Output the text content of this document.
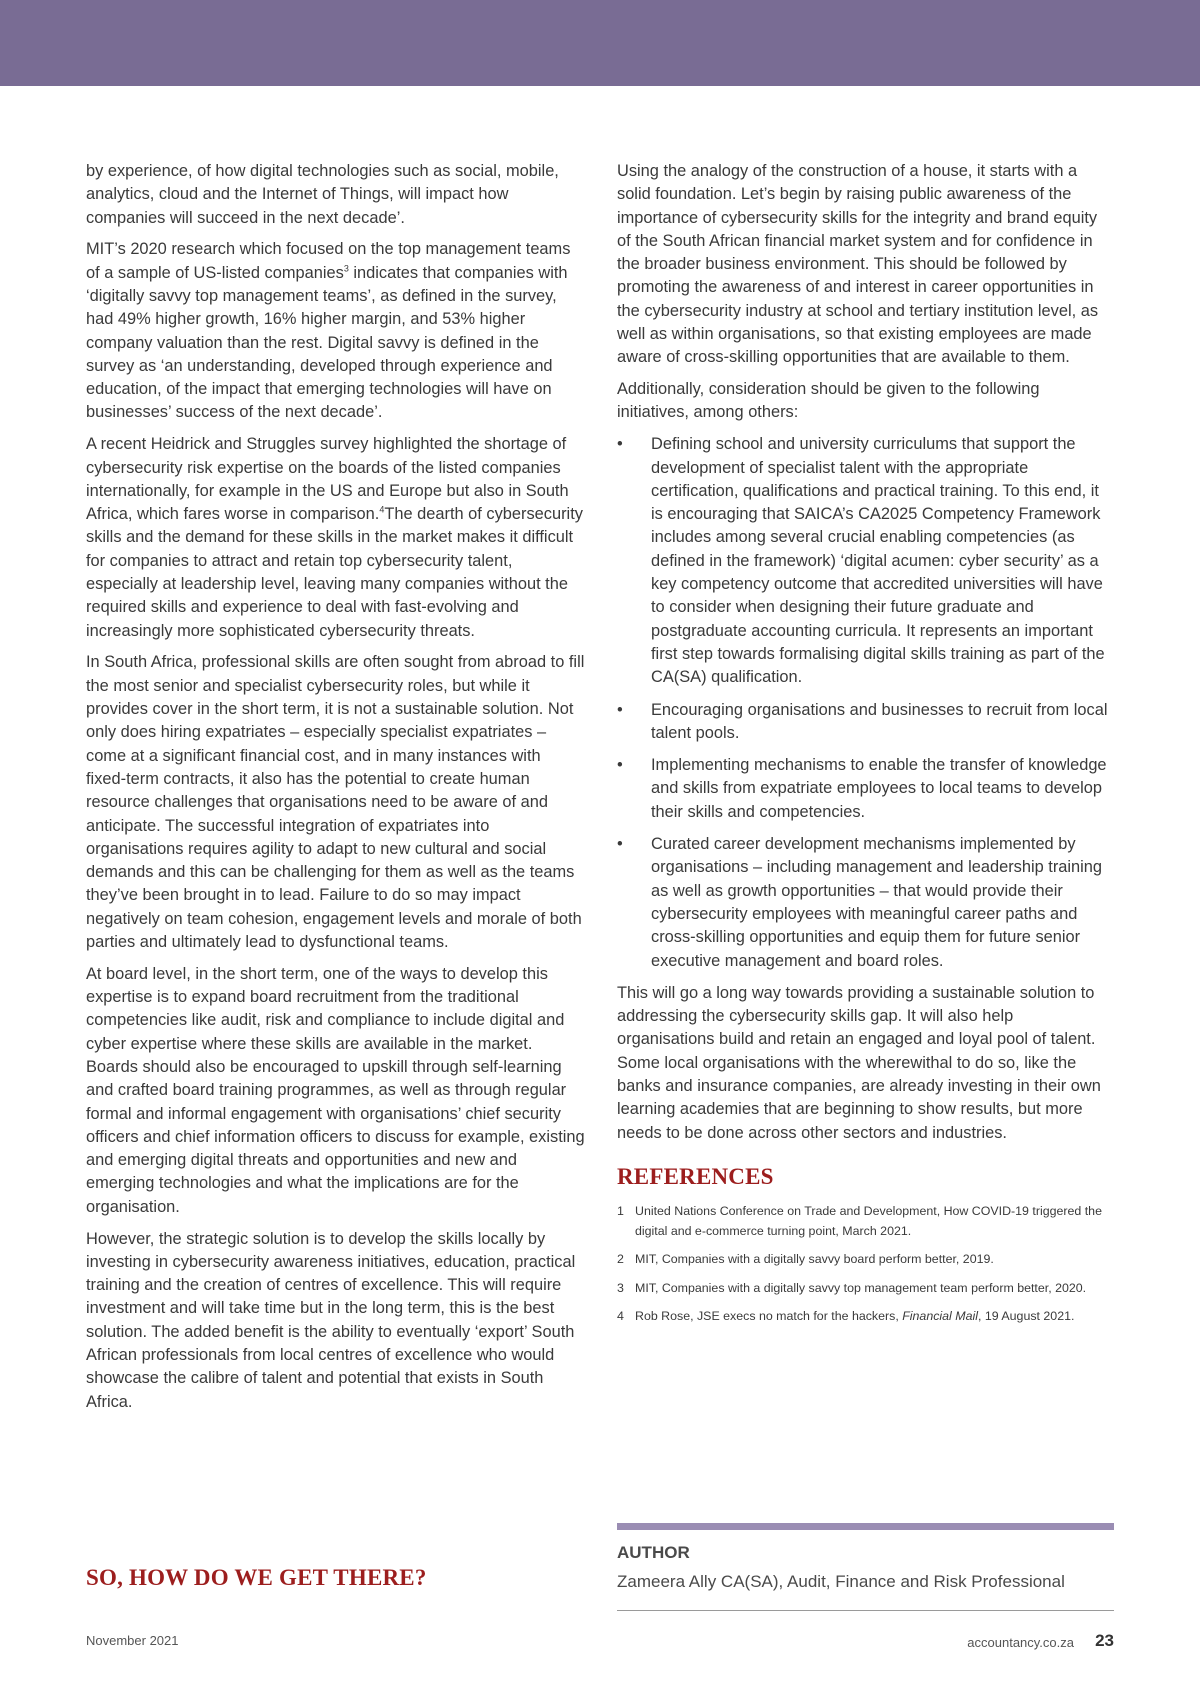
by experience, of how digital technologies such as social, mobile, analytics, cloud and the Internet of Things, will impact how companies will succeed in the next decade’.

MIT’s 2020 research which focused on the top management teams of a sample of US-listed companies$^3$ indicates that companies with ‘digitally savvy top management teams’, as defined in the survey, had 49% higher growth, 16% higher margin, and 53% higher company valuation than the rest. Digital savvy is defined in the survey as ‘an understanding, developed through experience and education, of the impact that emerging technologies will have on businesses’ success of the next decade’.

A recent Heidrick and Struggles survey highlighted the shortage of cybersecurity risk expertise on the boards of the listed companies internationally, for example in the US and Europe but also in South Africa, which fares worse in comparison.$^4$The dearth of cybersecurity skills and the demand for these skills in the market makes it difficult for companies to attract and retain top cybersecurity talent, especially at leadership level, leaving many companies without the required skills and experience to deal with fast-evolving and increasingly more sophisticated cybersecurity threats.

In South Africa, professional skills are often sought from abroad to fill the most senior and specialist cybersecurity roles, but while it provides cover in the short term, it is not a sustainable solution. Not only does hiring expatriates – especially specialist expatriates – come at a significant financial cost, and in many instances with fixed-term contracts, it also has the potential to create human resource challenges that organisations need to be aware of and anticipate. The successful integration of expatriates into organisations requires agility to adapt to new cultural and social demands and this can be challenging for them as well as the teams they’ve been brought in to lead. Failure to do so may impact negatively on team cohesion, engagement levels and morale of both parties and ultimately lead to dysfunctional teams.

At board level, in the short term, one of the ways to develop this expertise is to expand board recruitment from the traditional competencies like audit, risk and compliance to include digital and cyber expertise where these skills are available in the market. Boards should also be encouraged to upskill through self-learning and crafted board training programmes, as well as through regular formal and informal engagement with organisations’ chief security officers and chief information officers to discuss for example, existing and emerging digital threats and opportunities and new and emerging technologies and what the implications are for the organisation.

However, the strategic solution is to develop the skills locally by investing in cybersecurity awareness initiatives, education, practical training and the creation of centres of excellence. This will require investment and will take time but in the long term, this is the best solution. The added benefit is the ability to eventually ‘export’ South African professionals from local centres of excellence who would showcase the calibre of talent and potential that exists in South Africa.

SO, HOW DO WE GET THERE?

Using the analogy of the construction of a house, it starts with a solid foundation. Let’s begin by raising public awareness of the importance of cybersecurity skills for the integrity and brand equity of the South African financial market system and for confidence in the broader business environment. This should be followed by promoting the awareness of and interest in career opportunities in the cybersecurity industry at school and tertiary institution level, as well as within organisations, so that existing employees are made aware of cross-skilling opportunities that are available to them.

Additionally, consideration should be given to the following initiatives, among others:

• Defining school and university curriculums that support the development of specialist talent with the appropriate certification, qualifications and practical training. To this end, it is encouraging that SAICA’s CA2025 Competency Framework includes among several crucial enabling competencies (as defined in the framework) ‘digital acumen: cyber security’ as a key competency outcome that accredited universities will have to consider when designing their future graduate and postgraduate accounting curricula. It represents an important first step towards formalising digital skills training as part of the CA(SA) qualification.
• Encouraging organisations and businesses to recruit from local talent pools.
• Implementing mechanisms to enable the transfer of knowledge and skills from expatriate employees to local teams to develop their skills and competencies.
• Curated career development mechanisms implemented by organisations – including management and leadership training as well as growth opportunities – that would provide their cybersecurity employees with meaningful career paths and cross-skilling opportunities and equip them for future senior executive management and board roles.

This will go a long way towards providing a sustainable solution to addressing the cybersecurity skills gap. It will also help organisations build and retain an engaged and loyal pool of talent. Some local organisations with the wherewithal to do so, like the banks and insurance companies, are already investing in their own learning academies that are beginning to show results, but more needs to be done across other sectors and industries.

REFERENCES
1 United Nations Conference on Trade and Development, How COVID-19 triggered the digital and e-commerce turning point, March 2021.
2 MIT, Companies with a digitally savvy board perform better, 2019.
3 MIT, Companies with a digitally savvy top management team perform better, 2020.
4 Rob Rose, JSE execs no match for the hackers, Financial Mail, 19 August 2021.
AUTHOR
Zameera Ally CA(SA), Audit, Finance and Risk Professional
November 2021	accountancy.co.za 23
